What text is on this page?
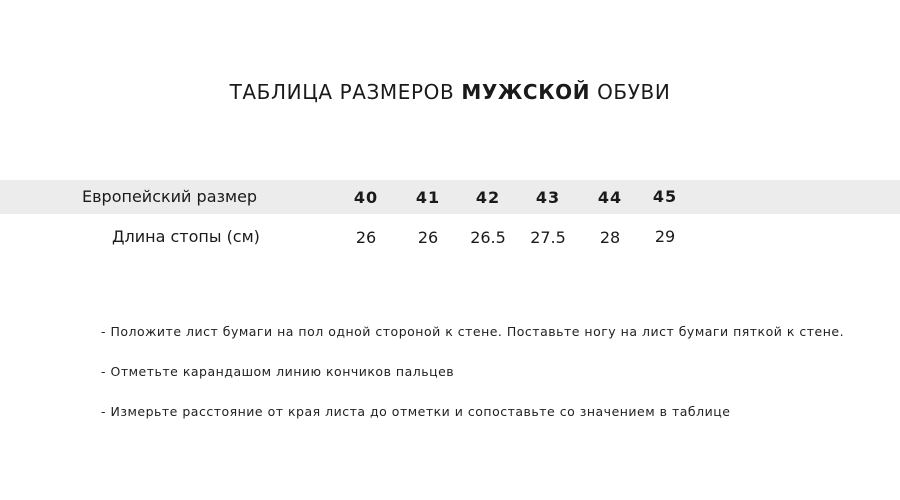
ТАБЛИЦА РАЗМЕРОВ МУЖСКОЙ ОБУВИ
Европейский размер	40	41	42	43	44	45
Длина стопы (см)	26	26	26.5	27.5	28	29
- Положите лист бумаги на пол одной стороной к стене. Поставьте ногу на лист бумаги пяткой к стене.
- Отметьте карандашом линию кончиков пальцев
- Измерьте расстояние от края листа до отметки и сопоставьте со значением в таблице
